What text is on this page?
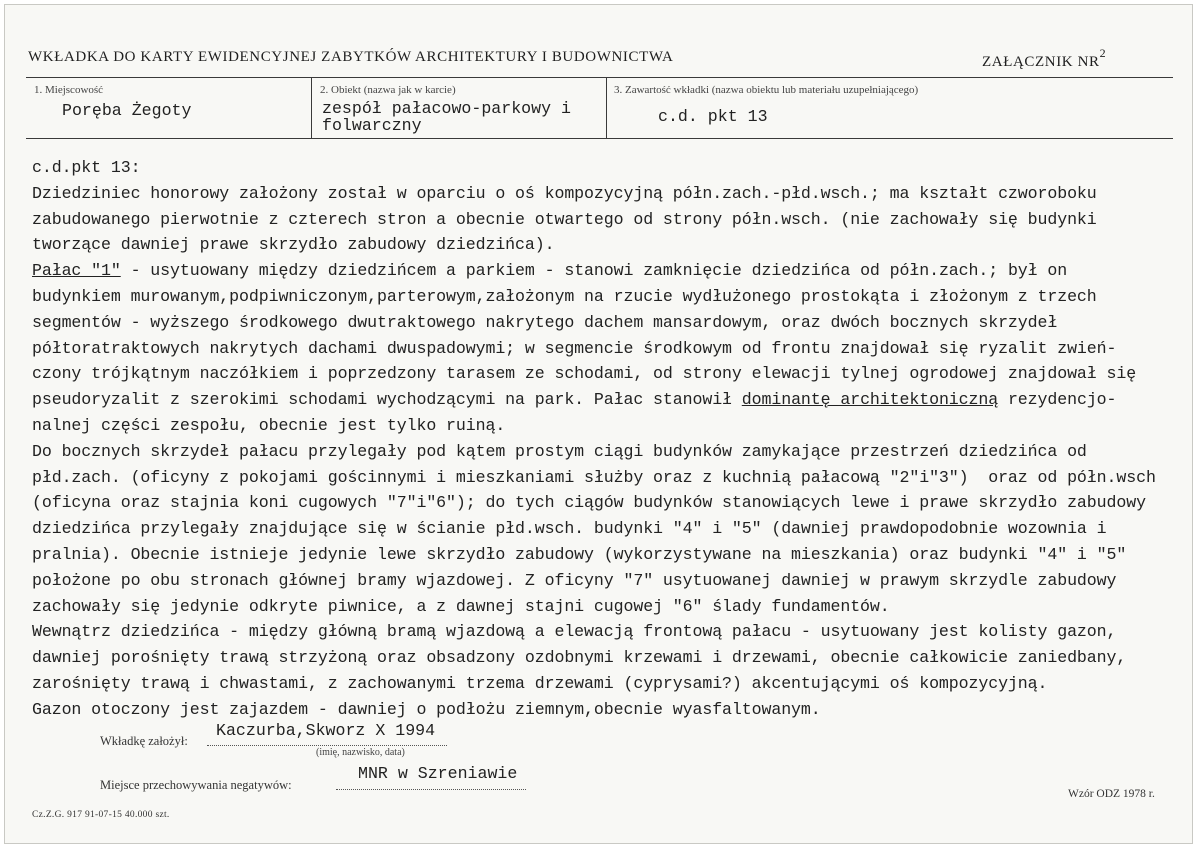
WKŁADKA DO KARTY EWIDENCYJNEJ ZABYTKÓW ARCHITEKTURY I BUDOWNICTWA	ZAŁĄCZNIK $NR^2$
1. Miejscowość
Poręba Żegoty
2. Obiekt (nazwa jak w karcie)
zespół pałacowo-parkowy i
folwarczny
3. Zawartość wkładki (nazwa obiektu lub materiału uzupełniającego)
c.d. pkt 13
c.d.pkt 13:
Dziedziniec honorowy założony został w oparciu o oś kompozycyjną półn.zach.-płd.wsch.; ma kształt czworoboku
zabudowanego pierwotnie z czterech stron a obecnie otwartego od strony półn.wsch. (nie zachowały się budynki
tworzące dawniej prawe skrzydło zabudowy dziedzińca).
Pałac "1" - usytuowany między dziedzińcem a parkiem - stanowi zamknięcie dziedzińca od półn.zach.; był on
budynkiem murowanym,podpiwniczonym,parterowym,założonym na rzucie wydłużonego prostokąta i złożonym z trzech
segmentów - wyższego środkowego dwutraktowego nakrytego dachem mansardowym, oraz dwóch bocznych skrzydeł
półtoratraktowych nakrytych dachami dwuspadowymi; w segmencie środkowym od frontu znajdował się ryzalit zwień-
czony trójkątnym naczółkiem i poprzedzony tarasem ze schodami, od strony elewacji tylnej ogrodowej znajdował się
pseudoryzalit z szerokimi schodami wychodzącymi na park. Pałac stanowił dominantę architektoniczną rezydencjo-
nalnej części zespołu, obecnie jest tylko ruiną.
Do bocznych skrzydeł pałacu przylegały pod kątem prostym ciągi budynków zamykające przestrzeń dziedzińca od
płd.zach. (oficyny z pokojami gościnnymi i mieszkaniami służby oraz z kuchnią pałacową "2"i"3")  oraz od półn.wsch
(oficyna oraz stajnia koni cugowych "7"i"6"); do tych ciągów budynków stanowiących lewe i prawe skrzydło zabudowy
dziedzińca przylegały znajdujące się w ścianie płd.wsch. budynki "4" i "5" (dawniej prawdopodobnie wozownia i
pralnia). Obecnie istnieje jedynie lewe skrzydło zabudowy (wykorzystywane na mieszkania) oraz budynki "4" i "5"
położone po obu stronach głównej bramy wjazdowej. Z oficyny "7" usytuowanej dawniej w prawym skrzydle zabudowy
zachowały się jedynie odkryte piwnice, a z dawnej stajni cugowej "6" ślady fundamentów.
Wewnątrz dziedzińca - między główną bramą wjazdową a elewacją frontową pałacu - usytuowany jest kolisty gazon,
dawniej porośnięty trawą strzyżoną oraz obsadzony ozdobnymi krzewami i drzewami, obecnie całkowicie zaniedbany,
zarośnięty trawą i chwastami, z zachowanymi trzema drzewami (cyprysami?) akcentującymi oś kompozycyjną.
Gazon otoczony jest zajazdem - dawniej o podłożu ziemnym,obecnie wyasfaltowanym.
Wkładkę założył:
Kaczurba,Skworz X 1994
(imię, nazwisko, data)
Miejsce przechowywania negatywów:
MNR w Szreniawie
Wzór ODZ 1978 r.
Cz.Z.G. 917 91-07-15 40.000 szt.
